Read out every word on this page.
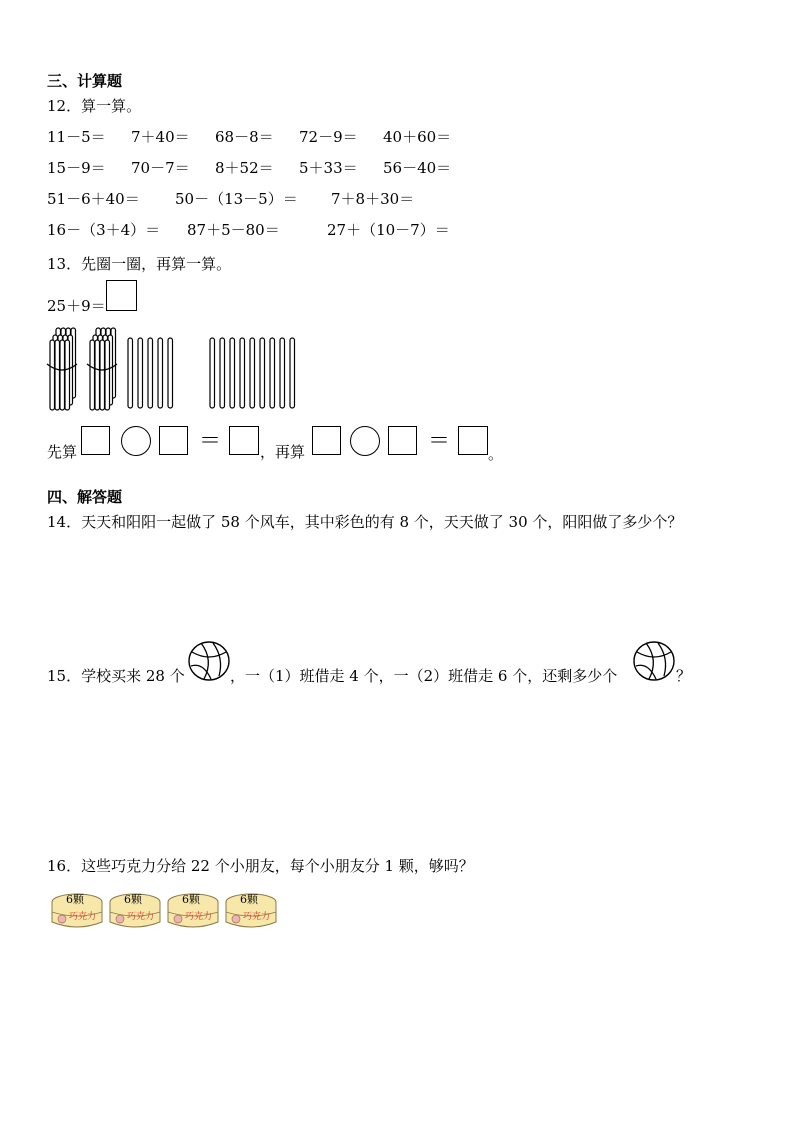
三、计算题
12．算一算。
11－5＝ 7＋40＝ 68－8＝ 72－9＝ 40＋60＝
15－9＝ 70－7＝ 8＋52＝ 5＋33＝ 56－40＝
51－6＋40＝ 50－（13－5）＝ 7＋8＋30＝
16－（3＋4）＝ 87＋5－80＝	27＋（10－7）＝
13．先圈一圈，再算一算。
25＋9＝
先算	＝	，再算	＝	。
四、解答题
14．天天和阳阳一起做了 58 个风车，其中彩色的有 8 个，天天做了 30 个，阳阳做了多少个？
15．学校买来 28 个	，一（1）班借走 4 个，一（2）班借走 6 个，还剩多少个	？
16．这些巧克力分给 22 个小朋友，每个小朋友分 1 颗，够吗？
6颗
巧克力
6颗
巧克力
6颗
巧克力
6颗
巧克力
